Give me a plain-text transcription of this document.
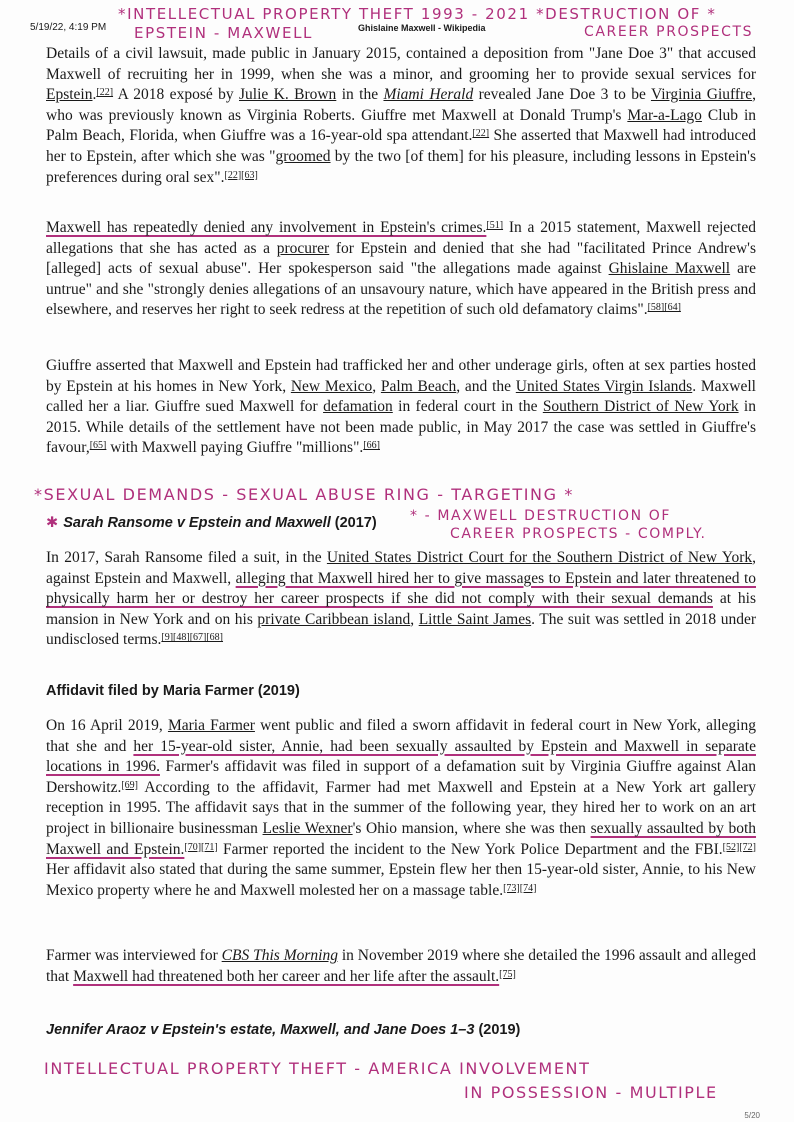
5/19/22, 4:19 PM	Ghislaine Maxwell - Wikipedia
*INTELLECTUAL PROPERTY THEFT 1993 - 2021 *DESTRUCTION OF *
EPSTEIN - MAXWELL	CAREER PROSPECTS
*SEXUAL DEMANDS - SEXUAL ABUSE RING - TARGETING *
* - MAXWELL DESTRUCTION OF
CAREER PROSPECTS - COMPLY.
INTELLECTUAL PROPERTY THEFT - AMERICA INVOLVEMENT
IN POSSESSION - MULTIPLE

Details of a civil lawsuit, made public in January 2015, contained a deposition from "Jane Doe 3" that accused Maxwell of recruiting her in 1999, when she was a minor, and grooming her to provide sexual services for Epstein.[22] A 2018 exposé by Julie K. Brown in the Miami Herald revealed Jane Doe 3 to be Virginia Giuffre, who was previously known as Virginia Roberts. Giuffre met Maxwell at Donald Trump's Mar-a-Lago Club in Palm Beach, Florida, when Giuffre was a 16-year-old spa attendant.[22] She asserted that Maxwell had introduced her to Epstein, after which she was "groomed by the two [of them] for his pleasure, including lessons in Epstein's preferences during oral sex".[22][63]

Maxwell has repeatedly denied any involvement in Epstein's crimes.[51] In a 2015 statement, Maxwell rejected allegations that she has acted as a procurer for Epstein and denied that she had "facilitated Prince Andrew's [alleged] acts of sexual abuse". Her spokesperson said "the allegations made against Ghislaine Maxwell are untrue" and she "strongly denies allegations of an unsavoury nature, which have appeared in the British press and elsewhere, and reserves her right to seek redress at the repetition of such old defamatory claims".[58][64]

Giuffre asserted that Maxwell and Epstein had trafficked her and other underage girls, often at sex parties hosted by Epstein at his homes in New York, New Mexico, Palm Beach, and the United States Virgin Islands. Maxwell called her a liar. Giuffre sued Maxwell for defamation in federal court in the Southern District of New York in 2015. While details of the settlement have not been made public, in May 2017 the case was settled in Giuffre's favour,[65] with Maxwell paying Giuffre "millions".[66]

✱ Sarah Ransome v Epstein and Maxwell (2017)

In 2017, Sarah Ransome filed a suit, in the United States District Court for the Southern District of New York, against Epstein and Maxwell, alleging that Maxwell hired her to give massages to Epstein and later threatened to physically harm her or destroy her career prospects if she did not comply with their sexual demands at his mansion in New York and on his private Caribbean island, Little Saint James. The suit was settled in 2018 under undisclosed terms.[9][48][67][68]

Affidavit filed by Maria Farmer (2019)

On 16 April 2019, Maria Farmer went public and filed a sworn affidavit in federal court in New York, alleging that she and her 15-year-old sister, Annie, had been sexually assaulted by Epstein and Maxwell in separate locations in 1996. Farmer's affidavit was filed in support of a defamation suit by Virginia Giuffre against Alan Dershowitz.[69] According to the affidavit, Farmer had met Maxwell and Epstein at a New York art gallery reception in 1995. The affidavit says that in the summer of the following year, they hired her to work on an art project in billionaire businessman Leslie Wexner's Ohio mansion, where she was then sexually assaulted by both Maxwell and Epstein.[70][71] Farmer reported the incident to the New York Police Department and the FBI.[52][72] Her affidavit also stated that during the same summer, Epstein flew her then 15-year-old sister, Annie, to his New Mexico property where he and Maxwell molested her on a massage table.[73][74]

Farmer was interviewed for CBS This Morning in November 2019 where she detailed the 1996 assault and alleged that Maxwell had threatened both her career and her life after the assault.[75]

Jennifer Araoz v Epstein's estate, Maxwell, and Jane Does 1–3 (2019)
5/20
